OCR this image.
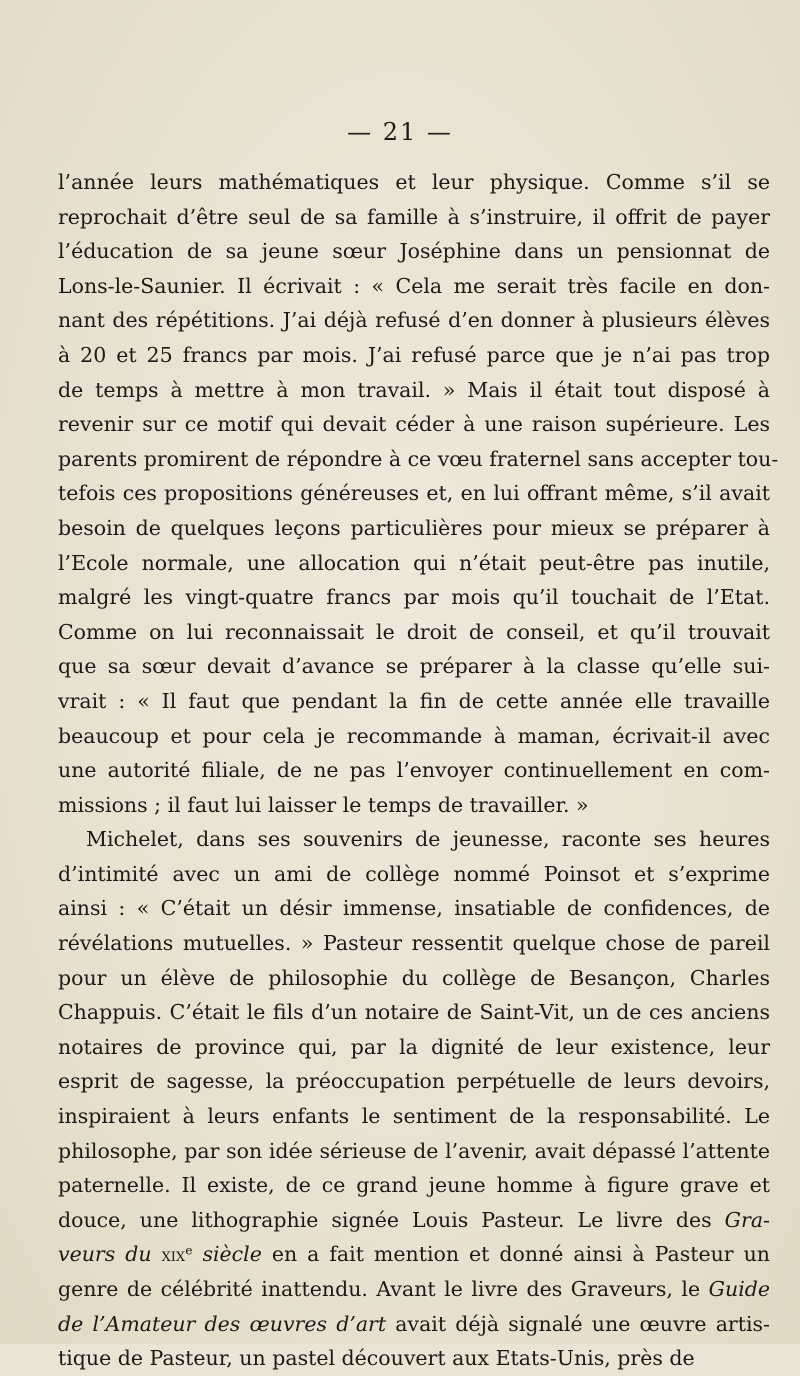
— 21 —
l’année leurs mathématiques et leur physique. Comme s’il se
reprochait d’être seul de sa famille à s’instruire, il offrit de payer
l’éducation de sa jeune sœur Joséphine dans un pensionnat de
Lons-le-Saunier. Il écrivait : « Cela me serait très facile en don-
nant des répétitions. J’ai déjà refusé d’en donner à plusieurs élèves
à 20 et 25 francs par mois. J’ai refusé parce que je n’ai pas trop
de temps à mettre à mon travail. » Mais il était tout disposé à
revenir sur ce motif qui devait céder à une raison supérieure. Les
parents promirent de répondre à ce vœu fraternel sans accepter tou-
tefois ces propositions généreuses et, en lui offrant même, s’il avait
besoin de quelques leçons particulières pour mieux se préparer à
l’Ecole normale, une allocation qui n’était peut-être pas inutile,
malgré les vingt-quatre francs par mois qu’il touchait de l’Etat.
Comme on lui reconnaissait le droit de conseil, et qu’il trouvait
que sa sœur devait d’avance se préparer à la classe qu’elle sui-
vrait : « Il faut que pendant la fin de cette année elle travaille
beaucoup et pour cela je recommande à maman, écrivait-il avec
une autorité filiale, de ne pas l’envoyer continuellement en com-
missions ; il faut lui laisser le temps de travailler. »
Michelet, dans ses souvenirs de jeunesse, raconte ses heures
d’intimité avec un ami de collège nommé Poinsot et s’exprime
ainsi : « C’était un désir immense, insatiable de confidences, de
révélations mutuelles. » Pasteur ressentit quelque chose de pareil
pour un élève de philosophie du collège de Besançon, Charles
Chappuis. C’était le fils d’un notaire de Saint-Vit, un de ces anciens
notaires de province qui, par la dignité de leur existence, leur
esprit de sagesse, la préoccupation perpétuelle de leurs devoirs,
inspiraient à leurs enfants le sentiment de la responsabilité. Le
philosophe, par son idée sérieuse de l’avenir, avait dépassé l’attente
paternelle. Il existe, de ce grand jeune homme à figure grave et
douce, une lithographie signée Louis Pasteur. Le livre des Gra-
veurs du xix$^e$ siècle en a fait mention et donné ainsi à Pasteur un
genre de célébrité inattendu. Avant le livre des Graveurs, le Guide
de l’Amateur des œuvres d’art avait déjà signalé une œuvre artis-
tique de Pasteur, un pastel découvert aux Etats-Unis, près de
